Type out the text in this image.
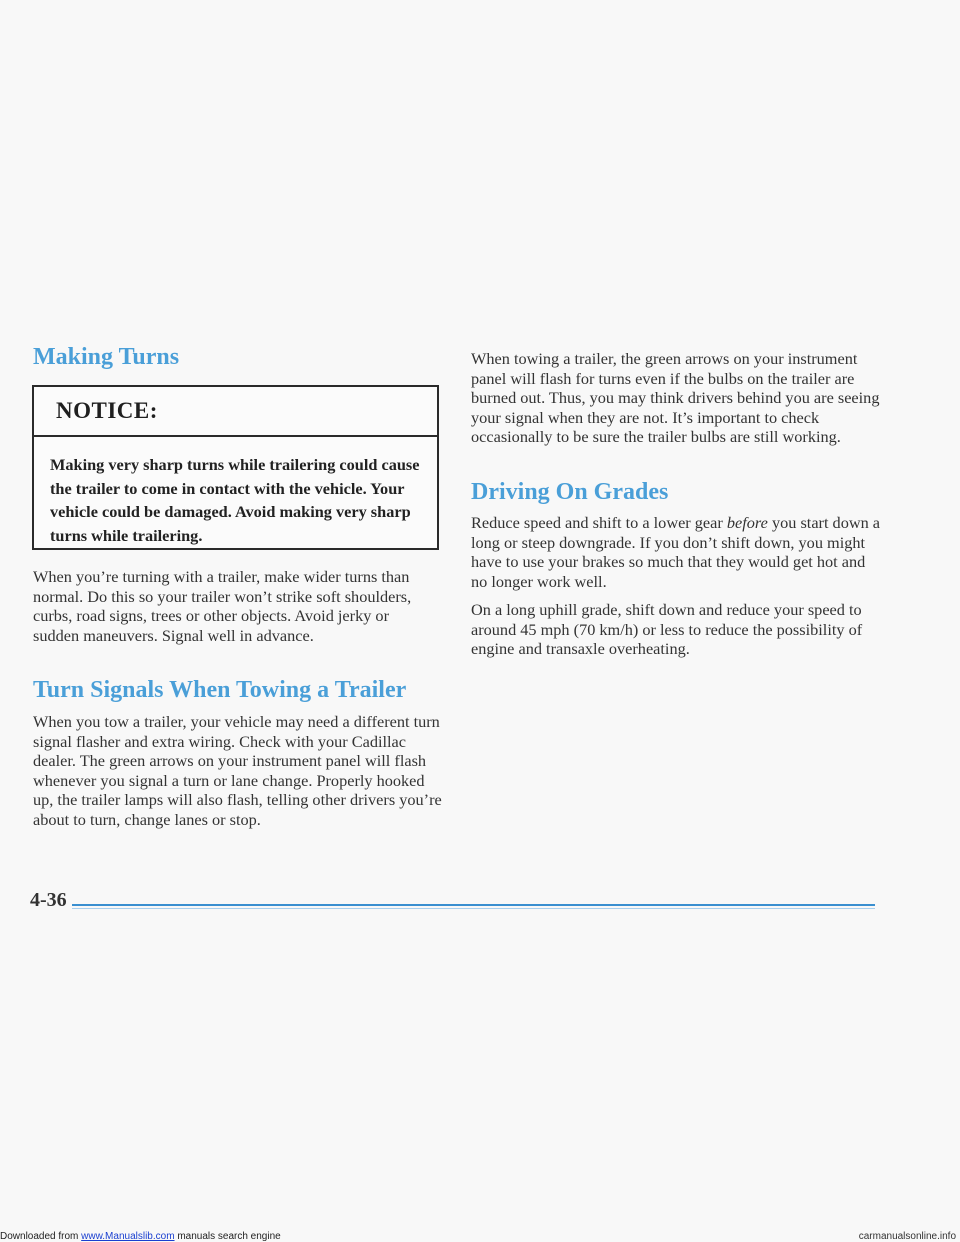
Making Turns
NOTICE:

Making very sharp turns while trailering could cause the trailer to come in contact with the vehicle. Your vehicle could be damaged. Avoid making very sharp turns while trailering.

When you’re turning with a trailer, make wider turns than normal. Do this so your trailer won’t strike soft shoulders, curbs, road signs, trees or other objects. Avoid jerky or sudden maneuvers. Signal well in advance.

Turn Signals When Towing a Trailer

When you tow a trailer, your vehicle may need a different turn signal flasher and extra wiring. Check with your Cadillac dealer. The green arrows on your instrument panel will flash whenever you signal a turn or lane change. Properly hooked up, the trailer lamps will also flash, telling other drivers you’re about to turn, change lanes or stop.

When towing a trailer, the green arrows on your instrument panel will flash for turns even if the bulbs on the trailer are burned out. Thus, you may think drivers behind you are seeing your signal when they are not. It’s important to check occasionally to be sure the trailer bulbs are still working.

Driving On Grades

Reduce speed and shift to a lower gear before you start down a long or steep downgrade. If you don’t shift down, you might have to use your brakes so much that they would get hot and no longer work well.

On a long uphill grade, shift down and reduce your speed to around 45 mph (70 km/h) or less to reduce the possibility of engine and transaxle overheating.

4-36
Downloaded from www.Manualslib.com manuals search engine	carmanualsonline.info
